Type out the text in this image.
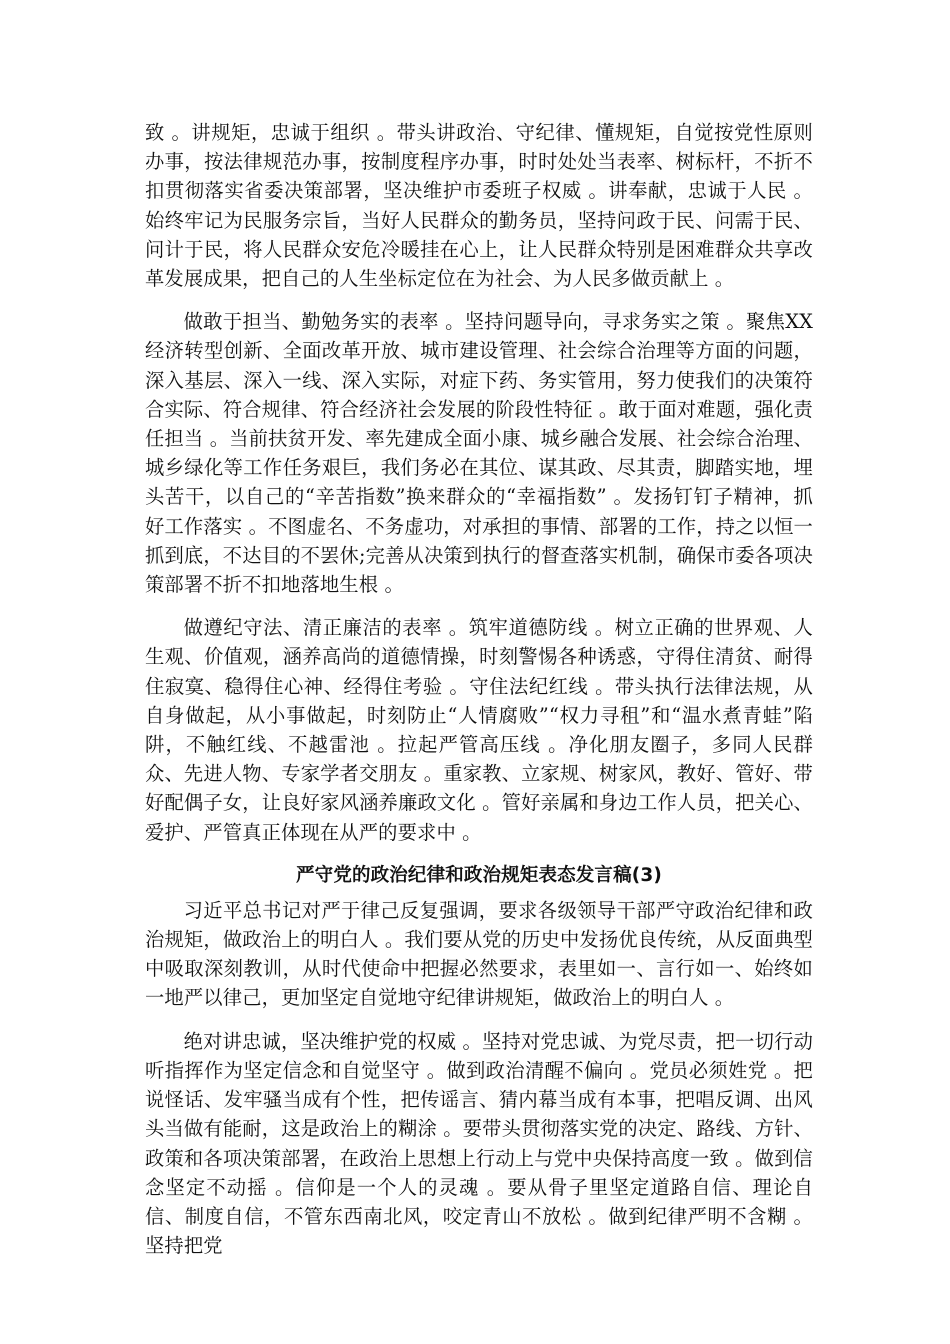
致 。讲规矩，忠诚于组织 。带头讲政治、守纪律、懂规矩，自觉按党性原则办事，按法律规范办事，按制度程序办事，时时处处当表率、树标杆，不折不扣贯彻落实省委决策部署，坚决维护市委班子权威 。讲奉献，忠诚于人民 。始终牢记为民服务宗旨，当好人民群众的勤务员，坚持问政于民、问需于民、问计于民，将人民群众安危冷暖挂在心上，让人民群众特别是困难群众共享改革发展成果，把自己的人生坐标定位在为社会、为人民多做贡献上 。

做敢于担当、勤勉务实的表率 。坚持问题导向，寻求务实之策 。聚焦XX经济转型创新、全面改革开放、城市建设管理、社会综合治理等方面的问题，深入基层、深入一线、深入实际，对症下药、务实管用，努力使我们的决策符合实际、符合规律、符合经济社会发展的阶段性特征 。敢于面对难题，强化责任担当 。当前扶贫开发、率先建成全面小康、城乡融合发展、社会综合治理、城乡绿化等工作任务艰巨，我们务必在其位、谋其政、尽其责，脚踏实地，埋头苦干，以自己的“辛苦指数”换来群众的“幸福指数” 。发扬钉钉子精神，抓好工作落实 。不图虚名、不务虚功，对承担的事情、部署的工作，持之以恒一抓到底，不达目的不罢休;完善从决策到执行的督查落实机制，确保市委各项决策部署不折不扣地落地生根 。

做遵纪守法、清正廉洁的表率 。筑牢道德防线 。树立正确的世界观、人生观、价值观，涵养高尚的道德情操，时刻警惕各种诱惑，守得住清贫、耐得住寂寞、稳得住心神、经得住考验 。守住法纪红线 。带头执行法律法规，从自身做起，从小事做起，时刻防止“人情腐败”“权力寻租”和“温水煮青蛙”陷阱，不触红线、不越雷池 。拉起严管高压线 。净化朋友圈子，多同人民群众、先进人物、专家学者交朋友 。重家教、立家规、树家风，教好、管好、带好配偶子女，让良好家风涵养廉政文化 。管好亲属和身边工作人员，把关心、爱护、严管真正体现在从严的要求中 。

严守党的政治纪律和政治规矩表态发言稿(3)

习近平总书记对严于律己反复强调，要求各级领导干部严守政治纪律和政治规矩，做政治上的明白人 。我们要从党的历史中发扬优良传统，从反面典型中吸取深刻教训，从时代使命中把握必然要求，表里如一、言行如一、始终如一地严以律己，更加坚定自觉地守纪律讲规矩，做政治上的明白人 。

绝对讲忠诚，坚决维护党的权威 。坚持对党忠诚、为党尽责，把一切行动听指挥作为坚定信念和自觉坚守 。做到政治清醒不偏向 。党员必须姓党 。把说怪话、发牢骚当成有个性，把传谣言、猜内幕当成有本事，把唱反调、出风头当做有能耐，这是政治上的糊涂 。要带头贯彻落实党的决定、路线、方针、政策和各项决策部署，在政治上思想上行动上与党中央保持高度一致 。做到信念坚定不动摇 。信仰是一个人的灵魂 。要从骨子里坚定道路自信、理论自信、制度自信，不管东西南北风，咬定青山不放松 。做到纪律严明不含糊 。坚持把党
